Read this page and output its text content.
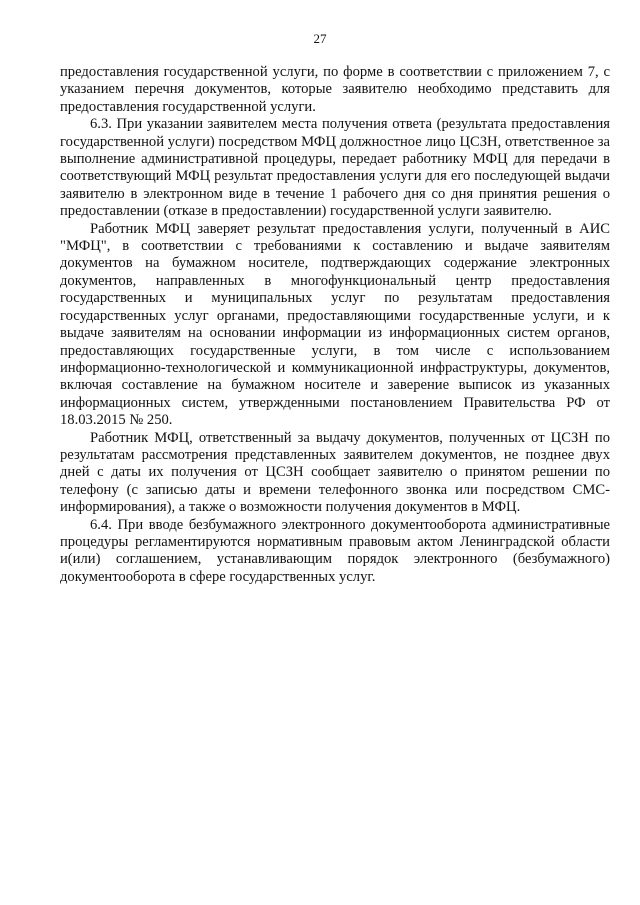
27

предоставления государственной услуги, по форме в соответствии с приложением 7, с указанием перечня документов, которые заявителю необходимо представить для предоставления государственной услуги.

6.3. При указании заявителем места получения ответа (результата предоставления государственной услуги) посредством МФЦ должностное лицо ЦСЗН, ответственное за выполнение административной процедуры, передает работнику МФЦ для передачи в соответствующий МФЦ результат предоставления услуги для его последующей выдачи заявителю в электронном виде в течение 1 рабочего дня со дня принятия решения о предоставлении (отказе в предоставлении) государственной услуги заявителю.

Работник МФЦ заверяет результат предоставления услуги, полученный в АИС "МФЦ", в соответствии с требованиями к составлению и выдаче заявителям документов на бумажном носителе, подтверждающих содержание электронных документов, направленных в многофункциональный центр предоставления государственных и муниципальных услуг по результатам предоставления государственных услуг органами, предоставляющими государственные услуги, и к выдаче заявителям на основании информации из информационных систем органов, предоставляющих государственные услуги, в том числе с использованием информационно-технологической и коммуникационной инфраструктуры, документов, включая составление на бумажном носителе и заверение выписок из указанных информационных систем, утвержденными постановлением Правительства РФ от 18.03.2015 № 250.

Работник МФЦ, ответственный за выдачу документов, полученных от ЦСЗН по результатам рассмотрения представленных заявителем документов, не позднее двух дней с даты их получения от ЦСЗН сообщает заявителю о принятом решении по телефону (с записью даты и времени телефонного звонка или посредством СМС-информирования), а также о возможности получения документов в МФЦ.

6.4. При вводе безбумажного электронного документооборота административные процедуры регламентируются нормативным правовым актом Ленинградской области и(или) соглашением, устанавливающим порядок электронного (безбумажного) документооборота в сфере государственных услуг.
